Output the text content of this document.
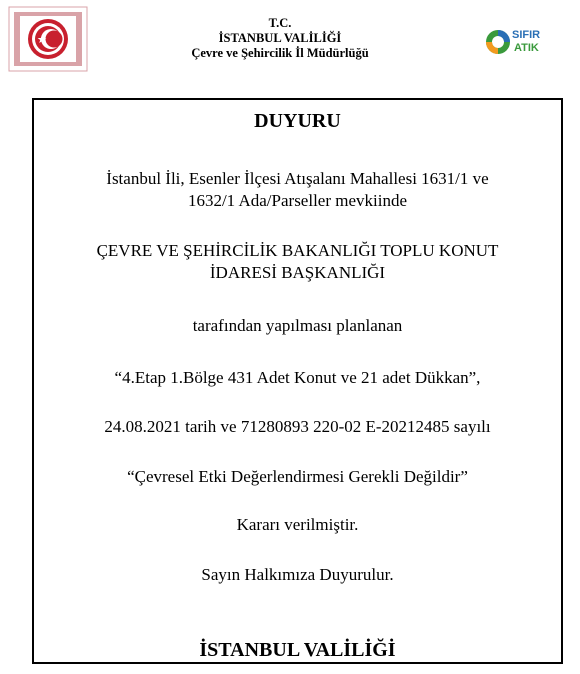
T.C.
İSTANBUL VALİLİĞİ
Çevre ve Şehircilik İl Müdürlüğü
SIFIR
ATIK
DUYURU
İstanbul İli, Esenler İlçesi Atışalanı Mahallesi 1631/1 ve
1632/1 Ada/Parseller mevkiinde
ÇEVRE VE ŞEHİRCİLİK BAKANLIĞI TOPLU KONUT
İDARESİ BAŞKANLIĞI
tarafından yapılması planlanan
“4.Etap 1.Bölge 431 Adet Konut ve 21 adet Dükkan”,
24.08.2021 tarih ve 71280893 220-02 E-20212485 sayılı
“Çevresel Etki Değerlendirmesi Gerekli Değildir”
Kararı verilmiştir.
Sayın Halkımıza Duyurulur.
İSTANBUL VALİLİĞİ
